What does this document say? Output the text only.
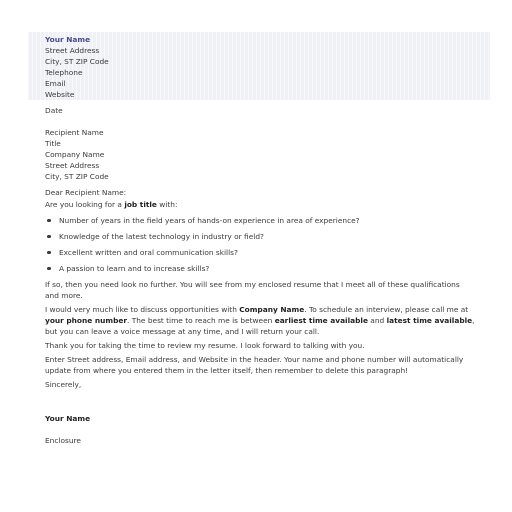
Your Name
Street Address
City, ST ZIP Code
Telephone
Email
Website
Date
Recipient Name
Title
Company Name
Street Address
City, ST ZIP Code
Dear Recipient Name:
Are you looking for a job title with:
Number of years in the field years of hands-on experience in area of experience?
Knowledge of the latest technology in industry or field?
Excellent written and oral communication skills?
A passion to learn and to increase skills?

If so, then you need look no further. You will see from my enclosed resume that I meet all of these qualifications and more.

I would very much like to discuss opportunities with Company Name. To schedule an interview, please call me at your phone number. The best time to reach me is between earliest time available and latest time available, but you can leave a voice message at any time, and I will return your call.

Thank you for taking the time to review my resume. I look forward to talking with you.

Enter Street address, Email address, and Website in the header. Your name and phone number will automatically update from where you entered them in the letter itself, then remember to delete this paragraph!

Sincerely,
Your Name
Enclosure
